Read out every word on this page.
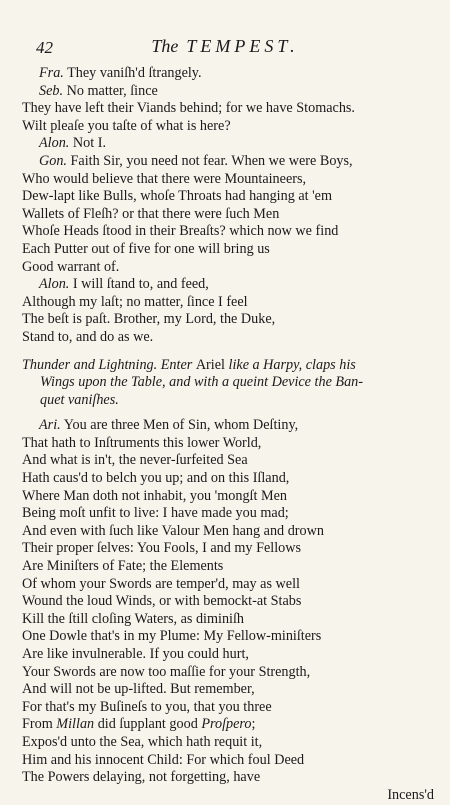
42	The TEMPEST.
Fra. They vaniſh'd ſtrangely.
Seb. No matter, ſince
They have left their Viands behind; for we have Stomachs.
Wilt pleaſe you taſte of what is here?
Alon. Not I.
Gon. Faith Sir, you need not fear. When we were Boys,
Who would believe that there were Mountaineers,
Dew-lapt like Bulls, whoſe Throats had hanging at 'em
Wallets of Fleſh? or that there were ſuch Men
Whoſe Heads ſtood in their Breaſts? which now we find
Each Putter out of five for one will bring us
Good warrant of.
Alon. I will ſtand to, and feed,
Although my laſt; no matter, ſince I feel
The beſt is paſt. Brother, my Lord, the Duke,
Stand to, and do as we.
Thunder and Lightning. Enter Ariel like a Harpy, claps his
Wings upon the Table, and with a queint Device the Ban-
quet vaniſhes.
Ari. You are three Men of Sin, whom Deſtiny,
That hath to Inſtruments this lower World,
And what is in't, the never-ſurfeited Sea
Hath caus'd to belch you up; and on this Iſland,
Where Man doth not inhabit, you 'mongſt Men
Being moſt unfit to live: I have made you mad;
And even with ſuch like Valour Men hang and drown
Their proper ſelves: You Fools, I and my Fellows
Are Miniſters of Fate; the Elements
Of whom your Swords are temper'd, may as well
Wound the loud Winds, or with bemockt-at Stabs
Kill the ſtill cloſing Waters, as diminiſh
One Dowle that's in my Plume: My Fellow-miniſters
Are like invulnerable. If you could hurt,
Your Swords are now too maſſie for your Strength,
And will not be up-lifted. But remember,
For that's my Buſineſs to you, that you three
From Millan did ſupplant good Proſpero;
Expos'd unto the Sea, which hath requit it,
Him and his innocent Child: For which foul Deed
The Powers delaying, not forgetting, have
Incens'd
